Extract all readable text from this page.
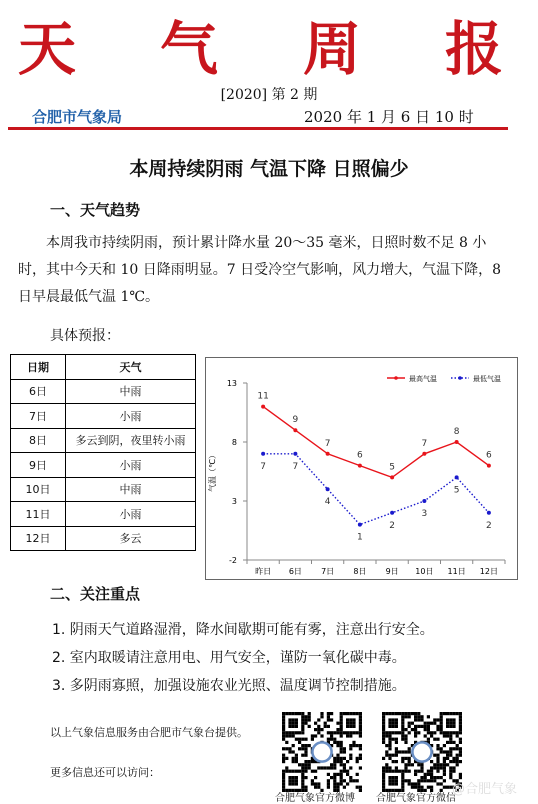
天 气 周 报
[2020] 第 2 期
合肥市气象局	2020 年 1 月 6 日 10 时
本周持续阴雨 气温下降 日照偏少
一、天气趋势
本周我市持续阴雨，预计累计降水量 20～35 毫米，日照时数不足 8 小时，其中今天和 10 日降雨明显。7 日受冷空气影响，风力增大，气温下降，8 日早晨最低气温 1℃。
具体预报：
日期	天气
6日	中雨
7日	小雨
8日	多云到阴，夜里转小雨
9日	小雨
10日	中雨
11日	小雨
12日	多云
-2
3
8
13
昨日 6日 7日 8日 9日 10日 11日 12日
气温（℃）
11
9
7
6
5
7
8
6
7	7
4
1
2
3
5
2
最高气温	最低气温
二、关注重点
1. 阴雨天气道路湿滑，降水间歇期可能有雾，注意出行安全。
2. 室内取暖请注意用电、用气安全，谨防一氧化碳中毒。
3. 多阴雨寡照，加强设施农业光照、温度调节控制措施。
以上气象信息服务由合肥市气象台提供。
更多信息还可以访问：
合肥气象官方微博 合肥气象官方微信
@合肥气象
